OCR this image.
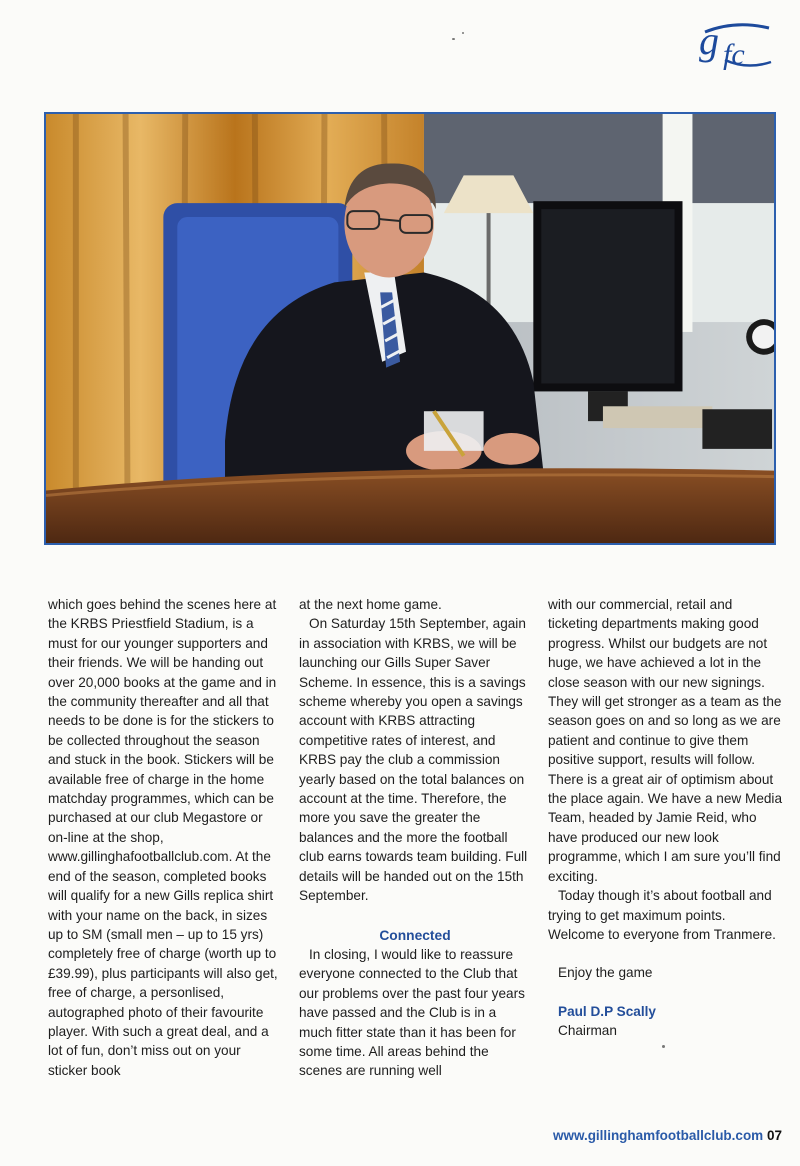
g fc

which goes behind the scenes here at the KRBS Priestfield Stadium, is a must for our younger supporters and their friends. We will be handing out over 20,000 books at the game and in the community thereafter and all that needs to be done is for the stickers to be collected throughout the season and stuck in the book. Stickers will be available free of charge in the home matchday programmes, which can be purchased at our club Megastore or on-line at the shop, www.gillinghafootballclub.com. At the end of the season, completed books will qualify for a new Gills replica shirt with your name on the back, in sizes up to SM (small men – up to 15 yrs) completely free of charge (worth up to £39.99), plus participants will also get, free of charge, a personlised, autographed photo of their favourite player. With such a great deal, and a lot of fun, don’t miss out on your sticker book

at the next home game.

On Saturday 15th September, again in association with KRBS, we will be launching our Gills Super Saver Scheme. In essence, this is a savings scheme whereby you open a savings account with KRBS attracting competitive rates of interest, and KRBS pay the club a commission yearly based on the total balances on account at the time. Therefore, the more you save the greater the balances and the more the football club earns towards team building. Full details will be handed out on the 15th September.

Connected

In closing, I would like to reassure everyone connected to the Club that our problems over the past four years have passed and the Club is in a much fitter state than it has been for some time. All areas behind the scenes are running well

with our commercial, retail and ticketing departments making good progress. Whilst our budgets are not huge, we have achieved a lot in the close season with our new signings. They will get stronger as a team as the season goes on and so long as we are patient and continue to give them positive support, results will follow. There is a great air of optimism about the place again. We have a new Media Team, headed by Jamie Reid, who have produced our new look programme, which I am sure you’ll find exciting.

Today though it’s about football and trying to get maximum points. Welcome to everyone from Tranmere.

Enjoy the game

Paul D.P Scally

Chairman

www.gillinghamfootballclub.com 07
